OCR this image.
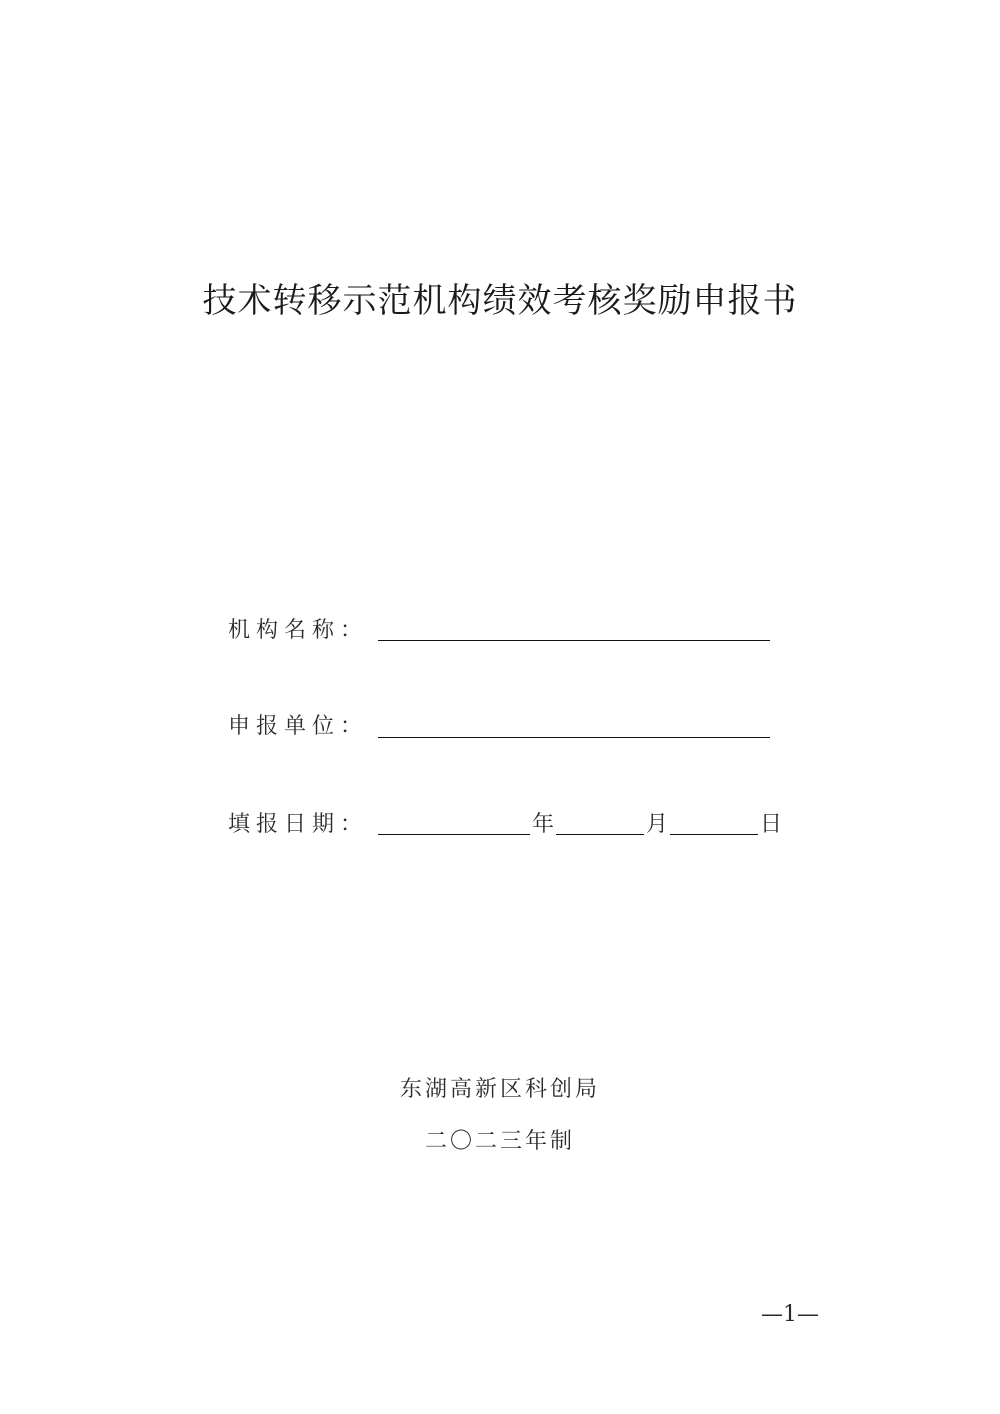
技术转移示范机构绩效考核奖励申报书
机构名称：
申报单位：
填报日期：	年	月	日
东湖高新区科创局
二〇二三年制
—1—
